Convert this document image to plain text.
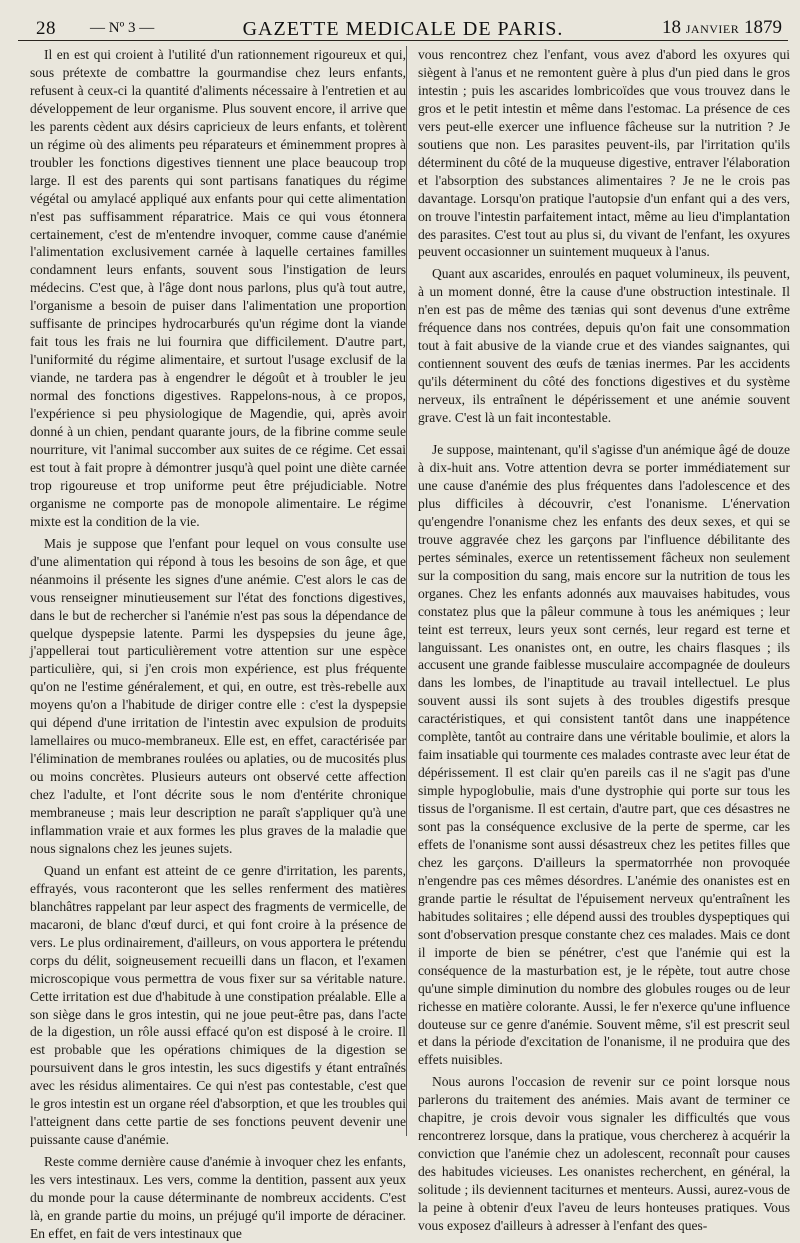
28 — Nº 3 —	GAZETTE MEDICALE DE PARIS.	18 JANVIER 1879

Il en est qui croient à l'utilité d'un rationnement rigoureux et qui, sous prétexte de combattre la gourmandise chez leurs enfants, refusent à ceux-ci la quantité d'aliments nécessaire à l'entretien et au développement de leur organisme. Plus souvent encore, il arrive que les parents cèdent aux désirs capricieux de leurs enfants, et tolèrent un régime où des aliments peu réparateurs et éminemment propres à troubler les fonctions digestives tiennent une place beaucoup trop large. Il est des parents qui sont partisans fanatiques du régime végétal ou amylacé appliqué aux enfants pour qui cette alimentation n'est pas suffisamment réparatrice. Mais ce qui vous étonnera certainement, c'est de m'entendre invoquer, comme cause d'anémie l'alimentation exclusivement carnée à laquelle certaines familles condamnent leurs enfants, souvent sous l'instigation de leurs médecins. C'est que, à l'âge dont nous parlons, plus qu'à tout autre, l'organisme a besoin de puiser dans l'alimentation une proportion suffisante de principes hydrocarburés qu'un régime dont la viande fait tous les frais ne lui fournira que difficilement. D'autre part, l'uniformité du régime alimentaire, et surtout l'usage exclusif de la viande, ne tardera pas à engendrer le dégoût et à troubler le jeu normal des fonctions digestives. Rappelons-nous, à ce propos, l'expérience si peu physiologique de Magendie, qui, après avoir donné à un chien, pendant quarante jours, de la fibrine comme seule nourriture, vit l'animal succomber aux suites de ce régime. Cet essai est tout à fait propre à démontrer jusqu'à quel point une diète carnée trop rigoureuse et trop uniforme peut être préjudiciable. Notre organisme ne comporte pas de monopole alimentaire. Le régime mixte est la condition de la vie.

Mais je suppose que l'enfant pour lequel on vous consulte use d'une alimentation qui répond à tous les besoins de son âge, et que néanmoins il présente les signes d'une anémie. C'est alors le cas de vous renseigner minutieusement sur l'état des fonctions digestives, dans le but de rechercher si l'anémie n'est pas sous la dépendance de quelque dyspepsie latente. Parmi les dyspepsies du jeune âge, j'appellerai tout particulièrement votre attention sur une espèce particulière, qui, si j'en crois mon expérience, est plus fréquente qu'on ne l'estime généralement, et qui, en outre, est très-rebelle aux moyens qu'on a l'habitude de diriger contre elle : c'est la dyspepsie qui dépend d'une irritation de l'intestin avec expulsion de produits lamellaires ou muco-membraneux. Elle est, en effet, caractérisée par l'élimination de membranes roulées ou aplaties, ou de mucosités plus ou moins concrètes. Plusieurs auteurs ont observé cette affection chez l'adulte, et l'ont décrite sous le nom d'entérite chronique membraneuse ; mais leur description ne paraît s'appliquer qu'à une inflammation vraie et aux formes les plus graves de la maladie que nous signalons chez les jeunes sujets.

Quand un enfant est atteint de ce genre d'irritation, les parents, effrayés, vous raconteront que les selles renferment des matières blanchâtres rappelant par leur aspect des fragments de vermicelle, de macaroni, de blanc d'œuf durci, et qui font croire à la présence de vers. Le plus ordinairement, d'ailleurs, on vous apportera le prétendu corps du délit, soigneusement recueilli dans un flacon, et l'examen microscopique vous permettra de vous fixer sur sa véritable nature. Cette irritation est due d'habitude à une constipation préalable. Elle a son siège dans le gros intestin, qui ne joue peut-être pas, dans l'acte de la digestion, un rôle aussi effacé qu'on est disposé à le croire. Il est probable que les opérations chimiques de la digestion se poursuivent dans le gros intestin, les sucs digestifs y étant entraînés avec les résidus alimentaires. Ce qui n'est pas contestable, c'est que le gros intestin est un organe réel d'absorption, et que les troubles qui l'atteignent dans cette partie de ses fonctions peuvent devenir une puissante cause d'anémie.

Reste comme dernière cause d'anémie à invoquer chez les enfants, les vers intestinaux. Les vers, comme la dentition, passent aux yeux du monde pour la cause déterminante de nombreux accidents. C'est là, en grande partie du moins, un préjugé qu'il importe de déraciner. En effet, en fait de vers intestinaux que

vous rencontrez chez l'enfant, vous avez d'abord les oxyures qui siègent à l'anus et ne remontent guère à plus d'un pied dans le gros intestin ; puis les ascarides lombricoïdes que vous trouvez dans le gros et le petit intestin et même dans l'estomac. La présence de ces vers peut-elle exercer une influence fâcheuse sur la nutrition ? Je soutiens que non. Les parasites peuvent-ils, par l'irritation qu'ils déterminent du côté de la muqueuse digestive, entraver l'élaboration et l'absorption des substances alimentaires ? Je ne le crois pas davantage. Lorsqu'on pratique l'autopsie d'un enfant qui a des vers, on trouve l'intestin parfaitement intact, même au lieu d'implantation des parasites. C'est tout au plus si, du vivant de l'enfant, les oxyures peuvent occasionner un suintement muqueux à l'anus.

Quant aux ascarides, enroulés en paquet volumineux, ils peuvent, à un moment donné, être la cause d'une obstruction intestinale. Il n'en est pas de même des tænias qui sont devenus d'une extrême fréquence dans nos contrées, depuis qu'on fait une consommation tout à fait abusive de la viande crue et des viandes saignantes, qui contiennent souvent des œufs de tænias inermes. Par les accidents qu'ils déterminent du côté des fonctions digestives et du système nerveux, ils entraînent le dépérissement et une anémie souvent grave. C'est là un fait incontestable.

Je suppose, maintenant, qu'il s'agisse d'un anémique âgé de douze à dix-huit ans. Votre attention devra se porter immédiatement sur une cause d'anémie des plus fréquentes dans l'adolescence et des plus difficiles à découvrir, c'est l'onanisme. L'énervation qu'engendre l'onanisme chez les enfants des deux sexes, et qui se trouve aggravée chez les garçons par l'influence débilitante des pertes séminales, exerce un retentissement fâcheux non seulement sur la composition du sang, mais encore sur la nutrition de tous les organes. Chez les enfants adonnés aux mauvaises habitudes, vous constatez plus que la pâleur commune à tous les anémiques ; leur teint est terreux, leurs yeux sont cernés, leur regard est terne et languissant. Les onanistes ont, en outre, les chairs flasques ; ils accusent une grande faiblesse musculaire accompagnée de douleurs dans les lombes, de l'inaptitude au travail intellectuel. Le plus souvent aussi ils sont sujets à des troubles digestifs presque caractéristiques, et qui consistent tantôt dans une inappétence complète, tantôt au contraire dans une véritable boulimie, et alors la faim insatiable qui tourmente ces malades contraste avec leur état de dépérissement. Il est clair qu'en pareils cas il ne s'agit pas d'une simple hypoglobulie, mais d'une dystrophie qui porte sur tous les tissus de l'organisme. Il est certain, d'autre part, que ces désastres ne sont pas la conséquence exclusive de la perte de sperme, car les effets de l'onanisme sont aussi désastreux chez les petites filles que chez les garçons. D'ailleurs la spermatorrhée non provoquée n'engendre pas ces mêmes désordres. L'anémie des onanistes est en grande partie le résultat de l'épuisement nerveux qu'entraînent les habitudes solitaires ; elle dépend aussi des troubles dyspeptiques qui sont d'observation presque constante chez ces malades. Mais ce dont il importe de bien se pénétrer, c'est que l'anémie qui est la conséquence de la masturbation est, je le répète, tout autre chose qu'une simple diminution du nombre des globules rouges ou de leur richesse en matière colorante. Aussi, le fer n'exerce qu'une influence douteuse sur ce genre d'anémie. Souvent même, s'il est prescrit seul et dans la période d'excitation de l'onanisme, il ne produira que des effets nuisibles.

Nous aurons l'occasion de revenir sur ce point lorsque nous parlerons du traitement des anémies. Mais avant de terminer ce chapitre, je crois devoir vous signaler les difficultés que vous rencontrerez lorsque, dans la pratique, vous chercherez à acquérir la conviction que l'anémie chez un adolescent, reconnaît pour causes des habitudes vicieuses. Les onanistes recherchent, en général, la solitude ; ils deviennent taciturnes et menteurs. Aussi, aurez-vous de la peine à obtenir d'eux l'aveu de leurs honteuses pratiques. Vous vous exposez d'ailleurs à adresser à l'enfant des ques-
